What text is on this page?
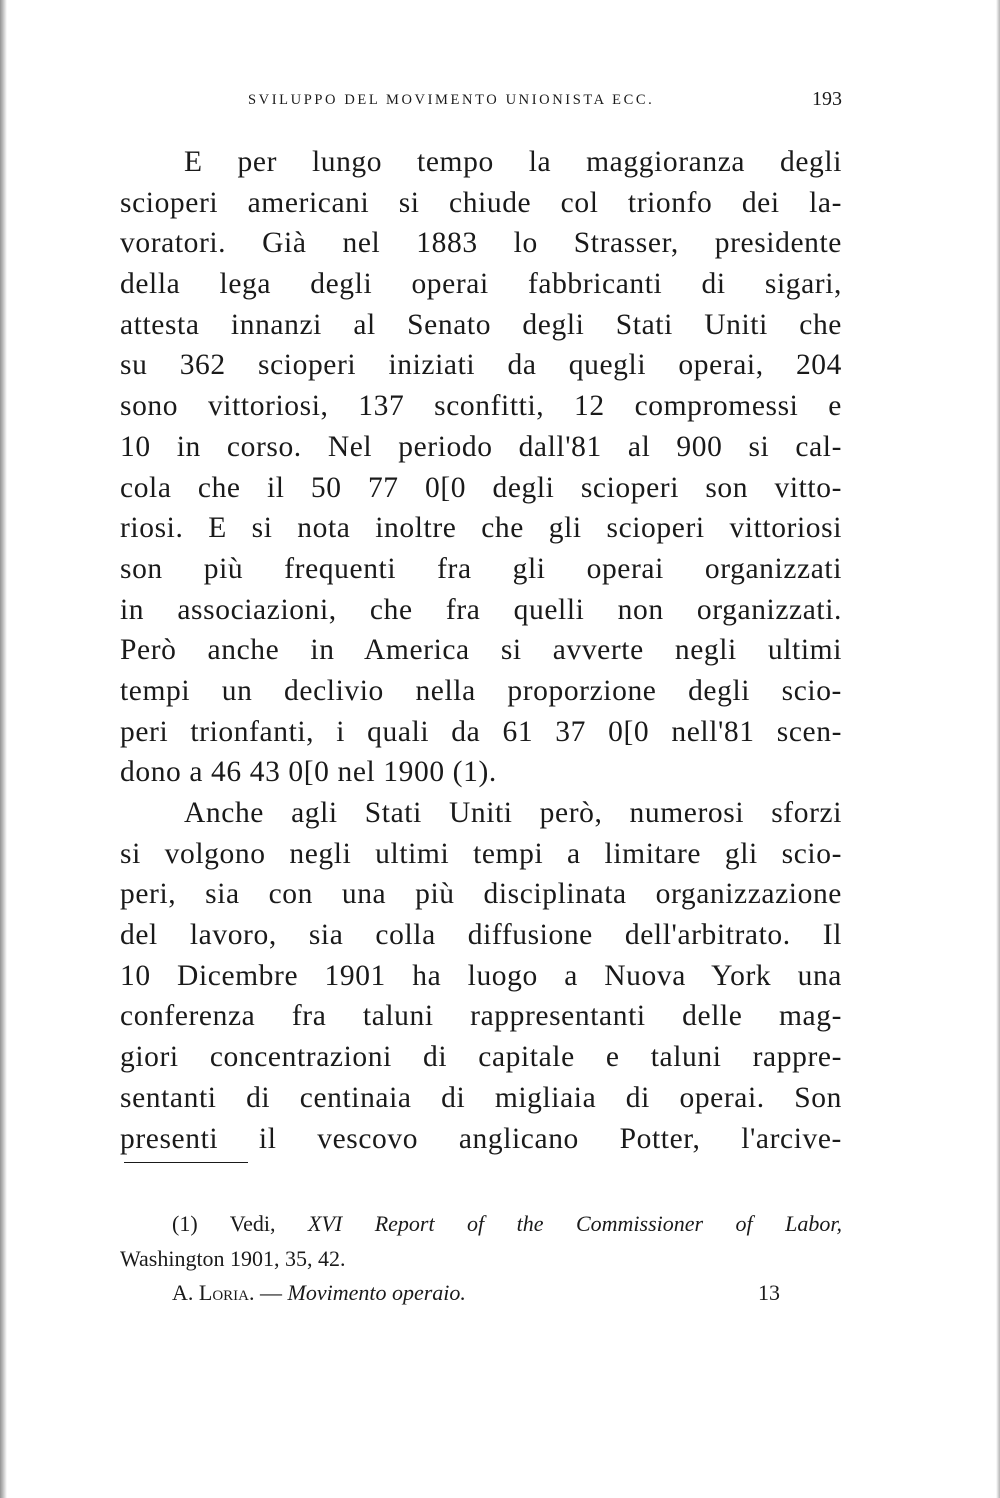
SVILUPPO DEL MOVIMENTO UNIONISTA ECC.	193
E per lungo tempo la maggioranza degli
scioperi americani si chiude col trionfo dei la-
voratori. Già nel 1883 lo Strasser, presidente
della lega degli operai fabbricanti di sigari,
attesta innanzi al Senato degli Stati Uniti che
su 362 scioperi iniziati da quegli operai, 204
sono vittoriosi, 137 sconfitti, 12 compromessi e
10 in corso. Nel periodo dall'81 al 900 si cal-
cola che il 50 77 0[0 degli scioperi son vitto-
riosi. E si nota inoltre che gli scioperi vittoriosi
son più frequenti fra gli operai organizzati
in associazioni, che fra quelli non organizzati.
Però anche in America si avverte negli ultimi
tempi un declivio nella proporzione degli scio-
peri trionfanti, i quali da 61 37 0[0 nell'81 scen-
dono a 46 43 0[0 nel 1900 (1).
Anche agli Stati Uniti però, numerosi sforzi
si volgono negli ultimi tempi a limitare gli scio-
peri, sia con una più disciplinata organizzazione
del lavoro, sia colla diffusione dell'arbitrato. Il
10 Dicembre 1901 ha luogo a Nuova York una
conferenza fra taluni rappresentanti delle mag-
giori concentrazioni di capitale e taluni rappre-
sentanti di centinaia di migliaia di operai. Son
presenti il vescovo anglicano Potter, l'arcive-
(1) Vedi, XVI Report of the Commissioner of Labor,
Washington 1901, 35, 42.
A. Loria. — Movimento operaio.	13
